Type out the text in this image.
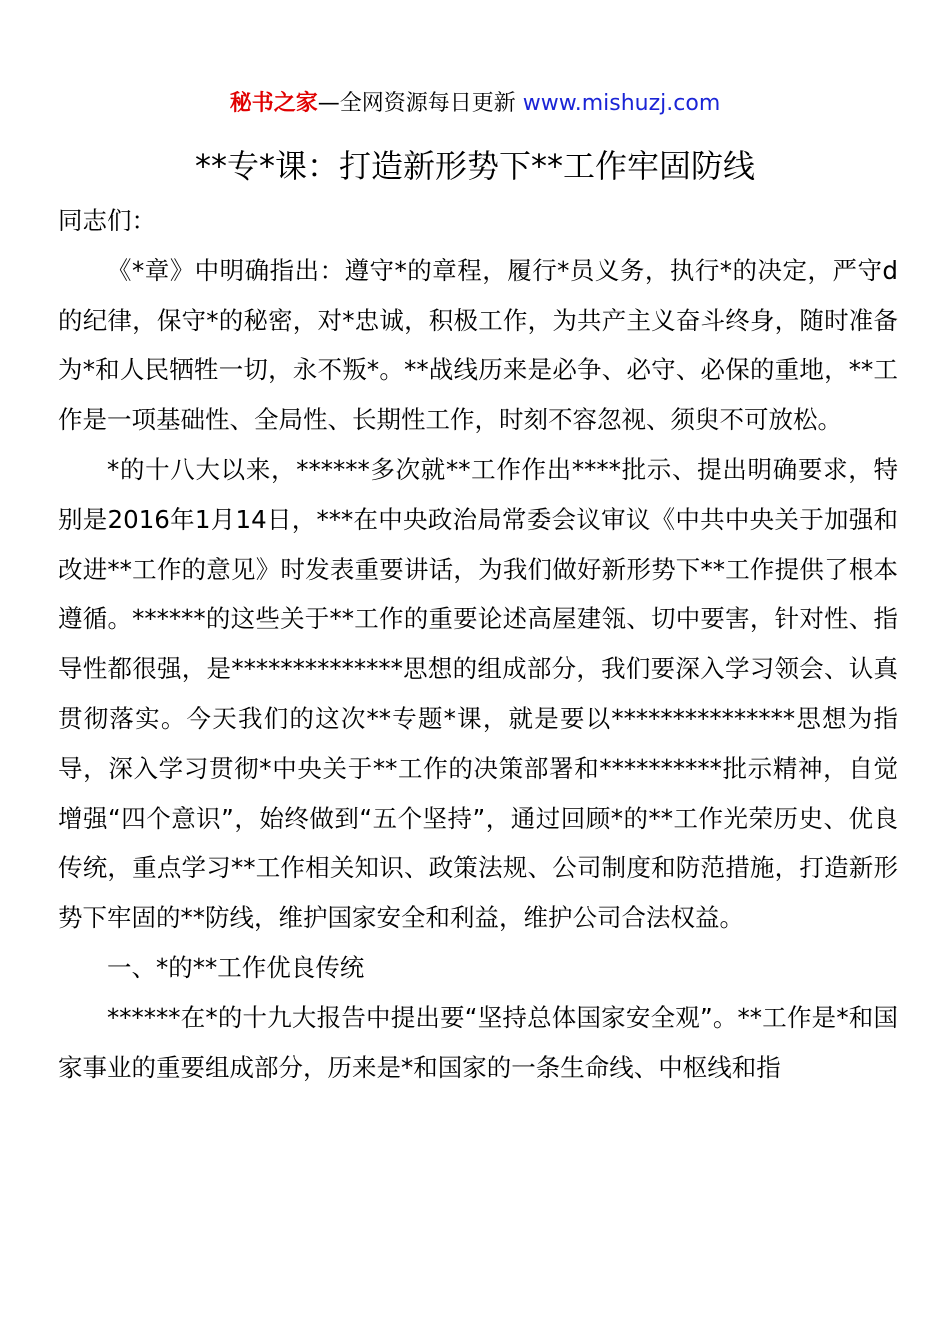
秘书之家—全网资源每日更新 www.mishuzj.com
**专*课：打造新形势下**工作牢固防线

同志们：

《*章》中明确指出：遵守*的章程，履行*员义务，执行*的决定，严守d的纪律，保守*的秘密，对*忠诚，积极工作，为共产主义奋斗终身，随时准备为*和人民牺牲一切，永不叛*。**战线历来是必争、必守、必保的重地，**工作是一项基础性、全局性、长期性工作，时刻不容忽视、须臾不可放松。

*的十八大以来，******多次就**工作作出****批示、提出明确要求，特别是2016年1月14日，***在中央政治局常委会议审议《中共中央关于加强和改进**工作的意见》时发表重要讲话，为我们做好新形势下**工作提供了根本遵循。******的这些关于**工作的重要论述高屋建瓴、切中要害，针对性、指导性都很强，是**************思想的组成部分，我们要深入学习领会、认真贯彻落实。今天我们的这次**专题*课，就是要以***************思想为指导，深入学习贯彻*中央关于**工作的决策部署和**********批示精神，自觉增强“四个意识”，始终做到“五个坚持”，通过回顾*的**工作光荣历史、优良传统，重点学习**工作相关知识、政策法规、公司制度和防范措施，打造新形势下牢固的**防线，维护国家安全和利益，维护公司合法权益。

一、*的**工作优良传统

******在*的十九大报告中提出要“坚持总体国家安全观”。**工作是*和国家事业的重要组成部分，历来是*和国家的一条生命线、中枢线和指
